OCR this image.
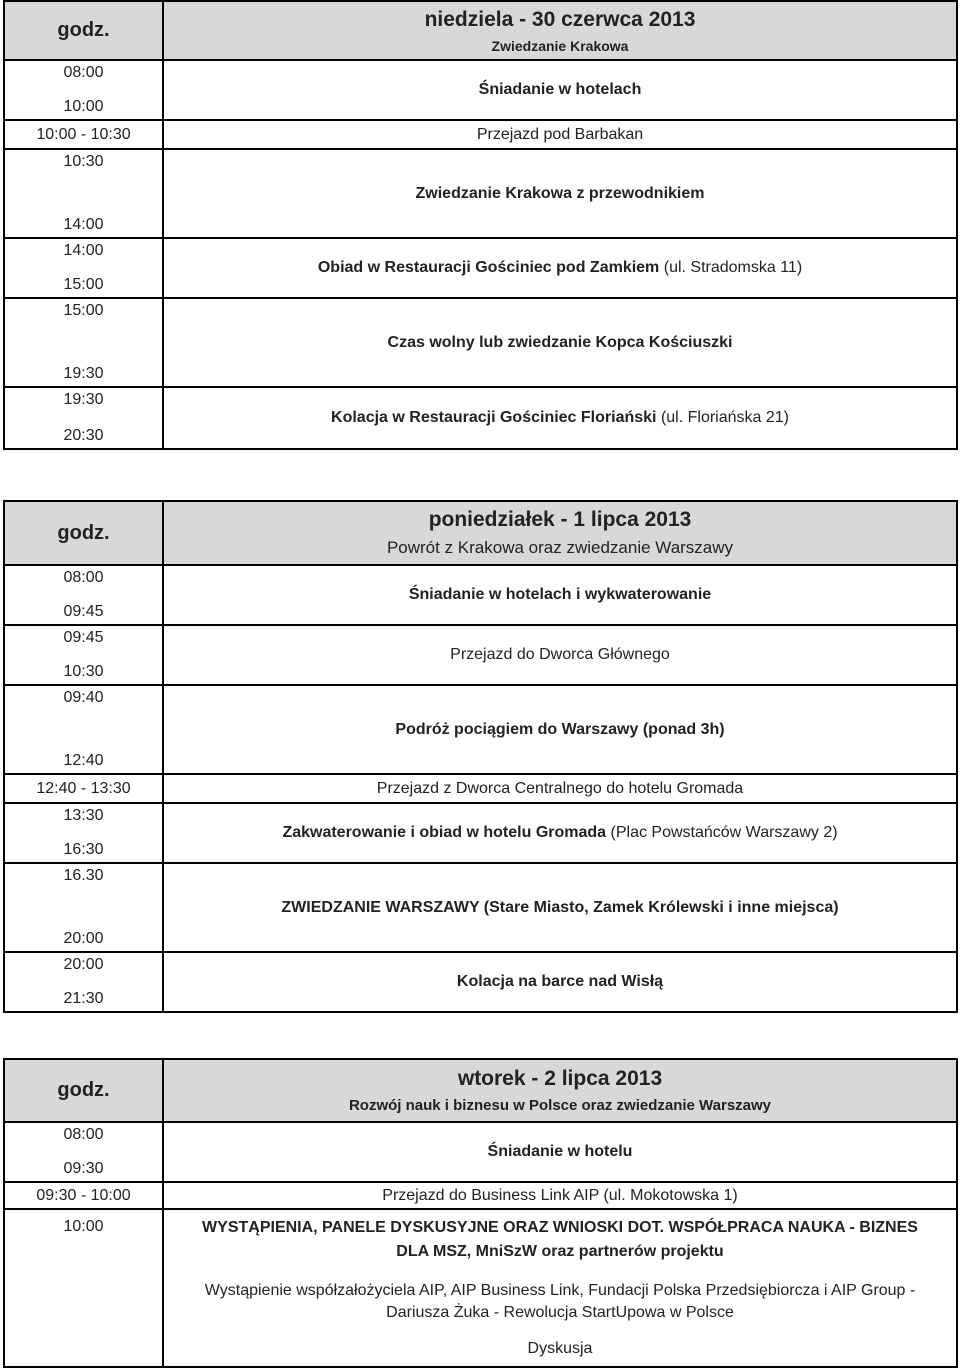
godz.	niedziela - 30 czerwca 2013
Zwiedzanie Krakowa

08:00
10:00	Śniadanie w hotelach
10:00 - 10:30	Przejazd pod Barbakan

10:30
14:00	Zwiedzanie Krakowa z przewodnikiem

14:00
15:00	Obiad w Restauracji Gościniec pod Zamkiem (ul. Stradomska 11)

15:00
19:30	Czas wolny lub zwiedzanie Kopca Kościuszki

19:30
20:30	Kolacja w Restauracji Gościniec Floriański (ul. Floriańska 21)
godz.	poniedziałek - 1 lipca 2013
Powrót z Krakowa oraz zwiedzanie Warszawy

08:00
09:45	Śniadanie w hotelach i wykwaterowanie

09:45
10:30	Przejazd do Dworca Głównego

09:40
12:40	Podróż pociągiem do Warszawy (ponad 3h)
12:40 - 13:30	Przejazd z Dworca Centralnego do hotelu Gromada

13:30
16:30	Zakwaterowanie i obiad w hotelu Gromada (Plac Powstańców Warszawy 2)

16.30
20:00	ZWIEDZANIE WARSZAWY (Stare Miasto, Zamek Królewski i inne miejsca)

20:00
21:30	Kolacja na barce nad Wisłą
godz.	wtorek - 2 lipca 2013
Rozwój nauk i biznesu w Polsce oraz zwiedzanie Warszawy

08:00
09:30	Śniadanie w hotelu
09:30 - 10:00	Przejazd do Business Link AIP (ul. Mokotowska 1)
10:00	WYSTĄPIENIA, PANELE DYSKUSYJNE ORAZ WNIOSKI DOT. WSPÓŁPRACA NAUKA - BIZNES DLA MSZ, MniSzW oraz partnerów projektu
Wystąpienie współzałożyciela AIP, AIP Business Link, Fundacji Polska Przedsiębiorcza i AIP Group - Dariusza Żuka - Rewolucja StartUpowa w Polsce
Dyskusja
